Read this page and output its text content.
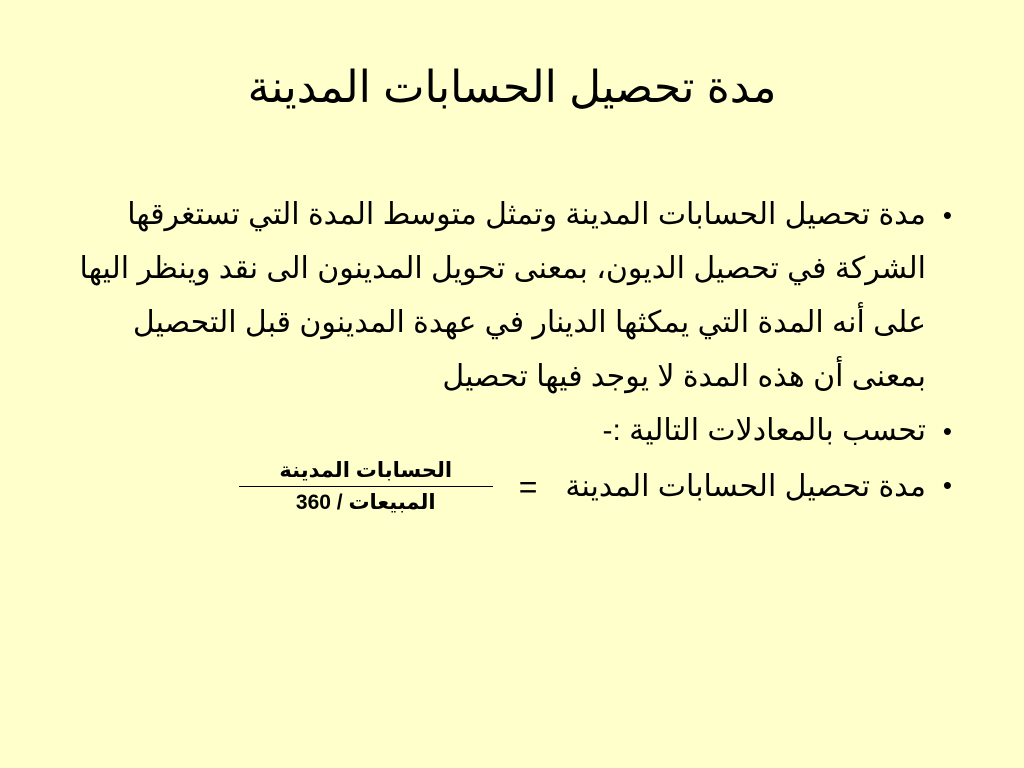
مدة تحصيل الحسابات المدينة
•
مدة تحصيل الحسابات المدينة وتمثل متوسط المدة التي تستغرقها الشركة في تحصيل الديون، بمعنى تحويل المدينون الى نقد وينظر اليها على أنه المدة التي يمكثها الدينار في عهدة المدينون قبل التحصيل بمعنى أن هذه المدة لا يوجد فيها تحصيل
•
تحسب بالمعادلات التالية :-
•
مدة تحصيل الحسابات المدينة
=
$\frac{\text{الحسابات المدينة}}{\text{المبيعات / 360}}$
